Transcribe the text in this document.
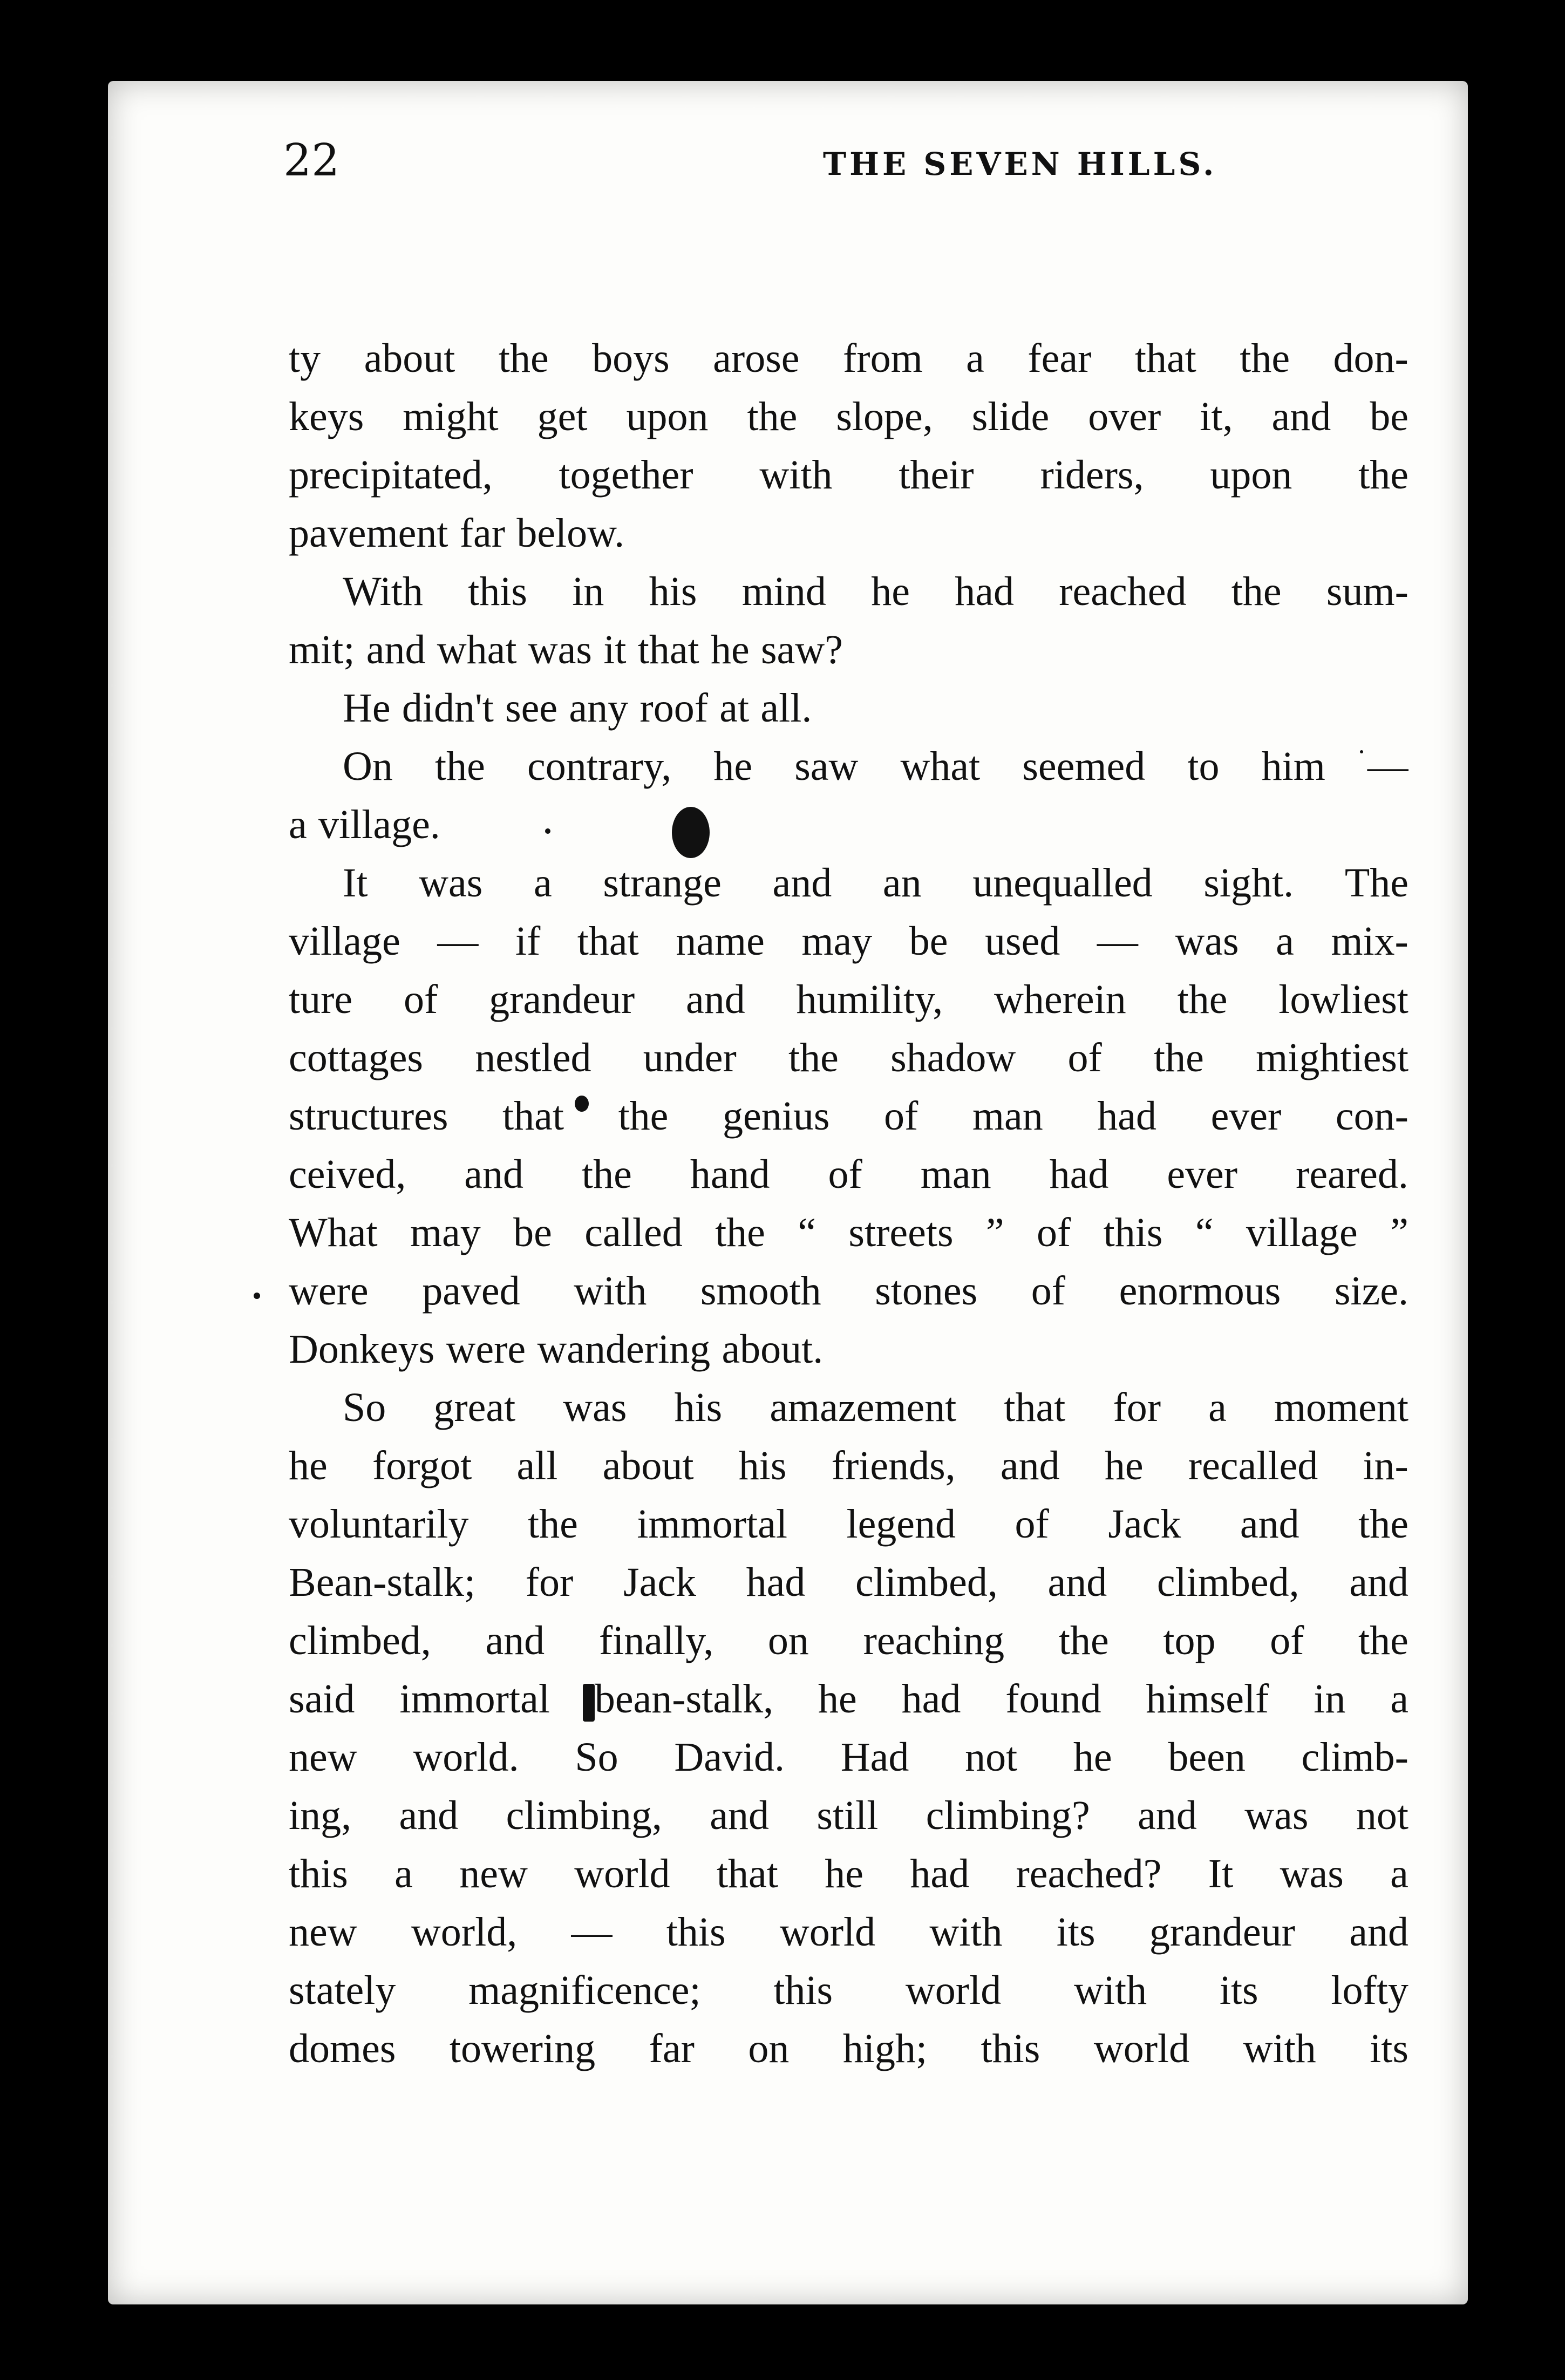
22	THE SEVEN HILLS.
ty about the boys arose from a fear that the don-
keys might get upon the slope, slide over it, and be
precipitated, together with their riders, upon the
pavement far below.
With this in his mind he had reached the sum-
mit; and what was it that he saw?
He didn't see any roof at all.
On the contrary, he saw what seemed to him —
a village.
It was a strange and an unequalled sight. The
village — if that name may be used — was a mix-
ture of grandeur and humility, wherein the lowliest
cottages nestled under the shadow of the mightiest
structures that the genius of man had ever con-
ceived, and the hand of man had ever reared.
What may be called the “ streets ” of this “ village ”
were paved with smooth stones of enormous size.
Donkeys were wandering about.
So great was his amazement that for a moment
he forgot all about his friends, and he recalled in-
voluntarily the immortal legend of Jack and the
Bean-stalk; for Jack had climbed, and climbed, and
climbed, and finally, on reaching the top of the
said immortal bean-stalk, he had found himself in a
new world. So David. Had not he been climb-
ing, and climbing, and still climbing? and was not
this a new world that he had reached? It was a
new world, — this world with its grandeur and
stately magnificence; this world with its lofty
domes towering far on high; this world with its
